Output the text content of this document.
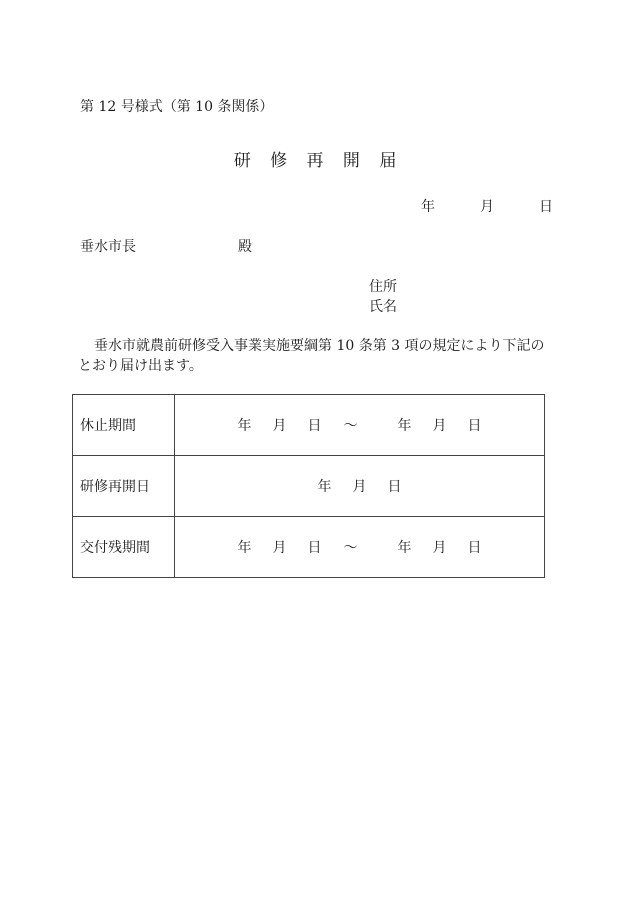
第 12 号様式（第 10 条関係）
研 修 再 開 届
年	月	日
垂水市長	殿
住所
氏名
垂水市就農前研修受入事業実施要綱第 10 条第 3 項の規定により下記の
とおり届け出ます。
休止期間	年 月 日 〜 年 月 日
研修再開日	年 月 日
交付残期間	年 月 日 〜 年 月 日
